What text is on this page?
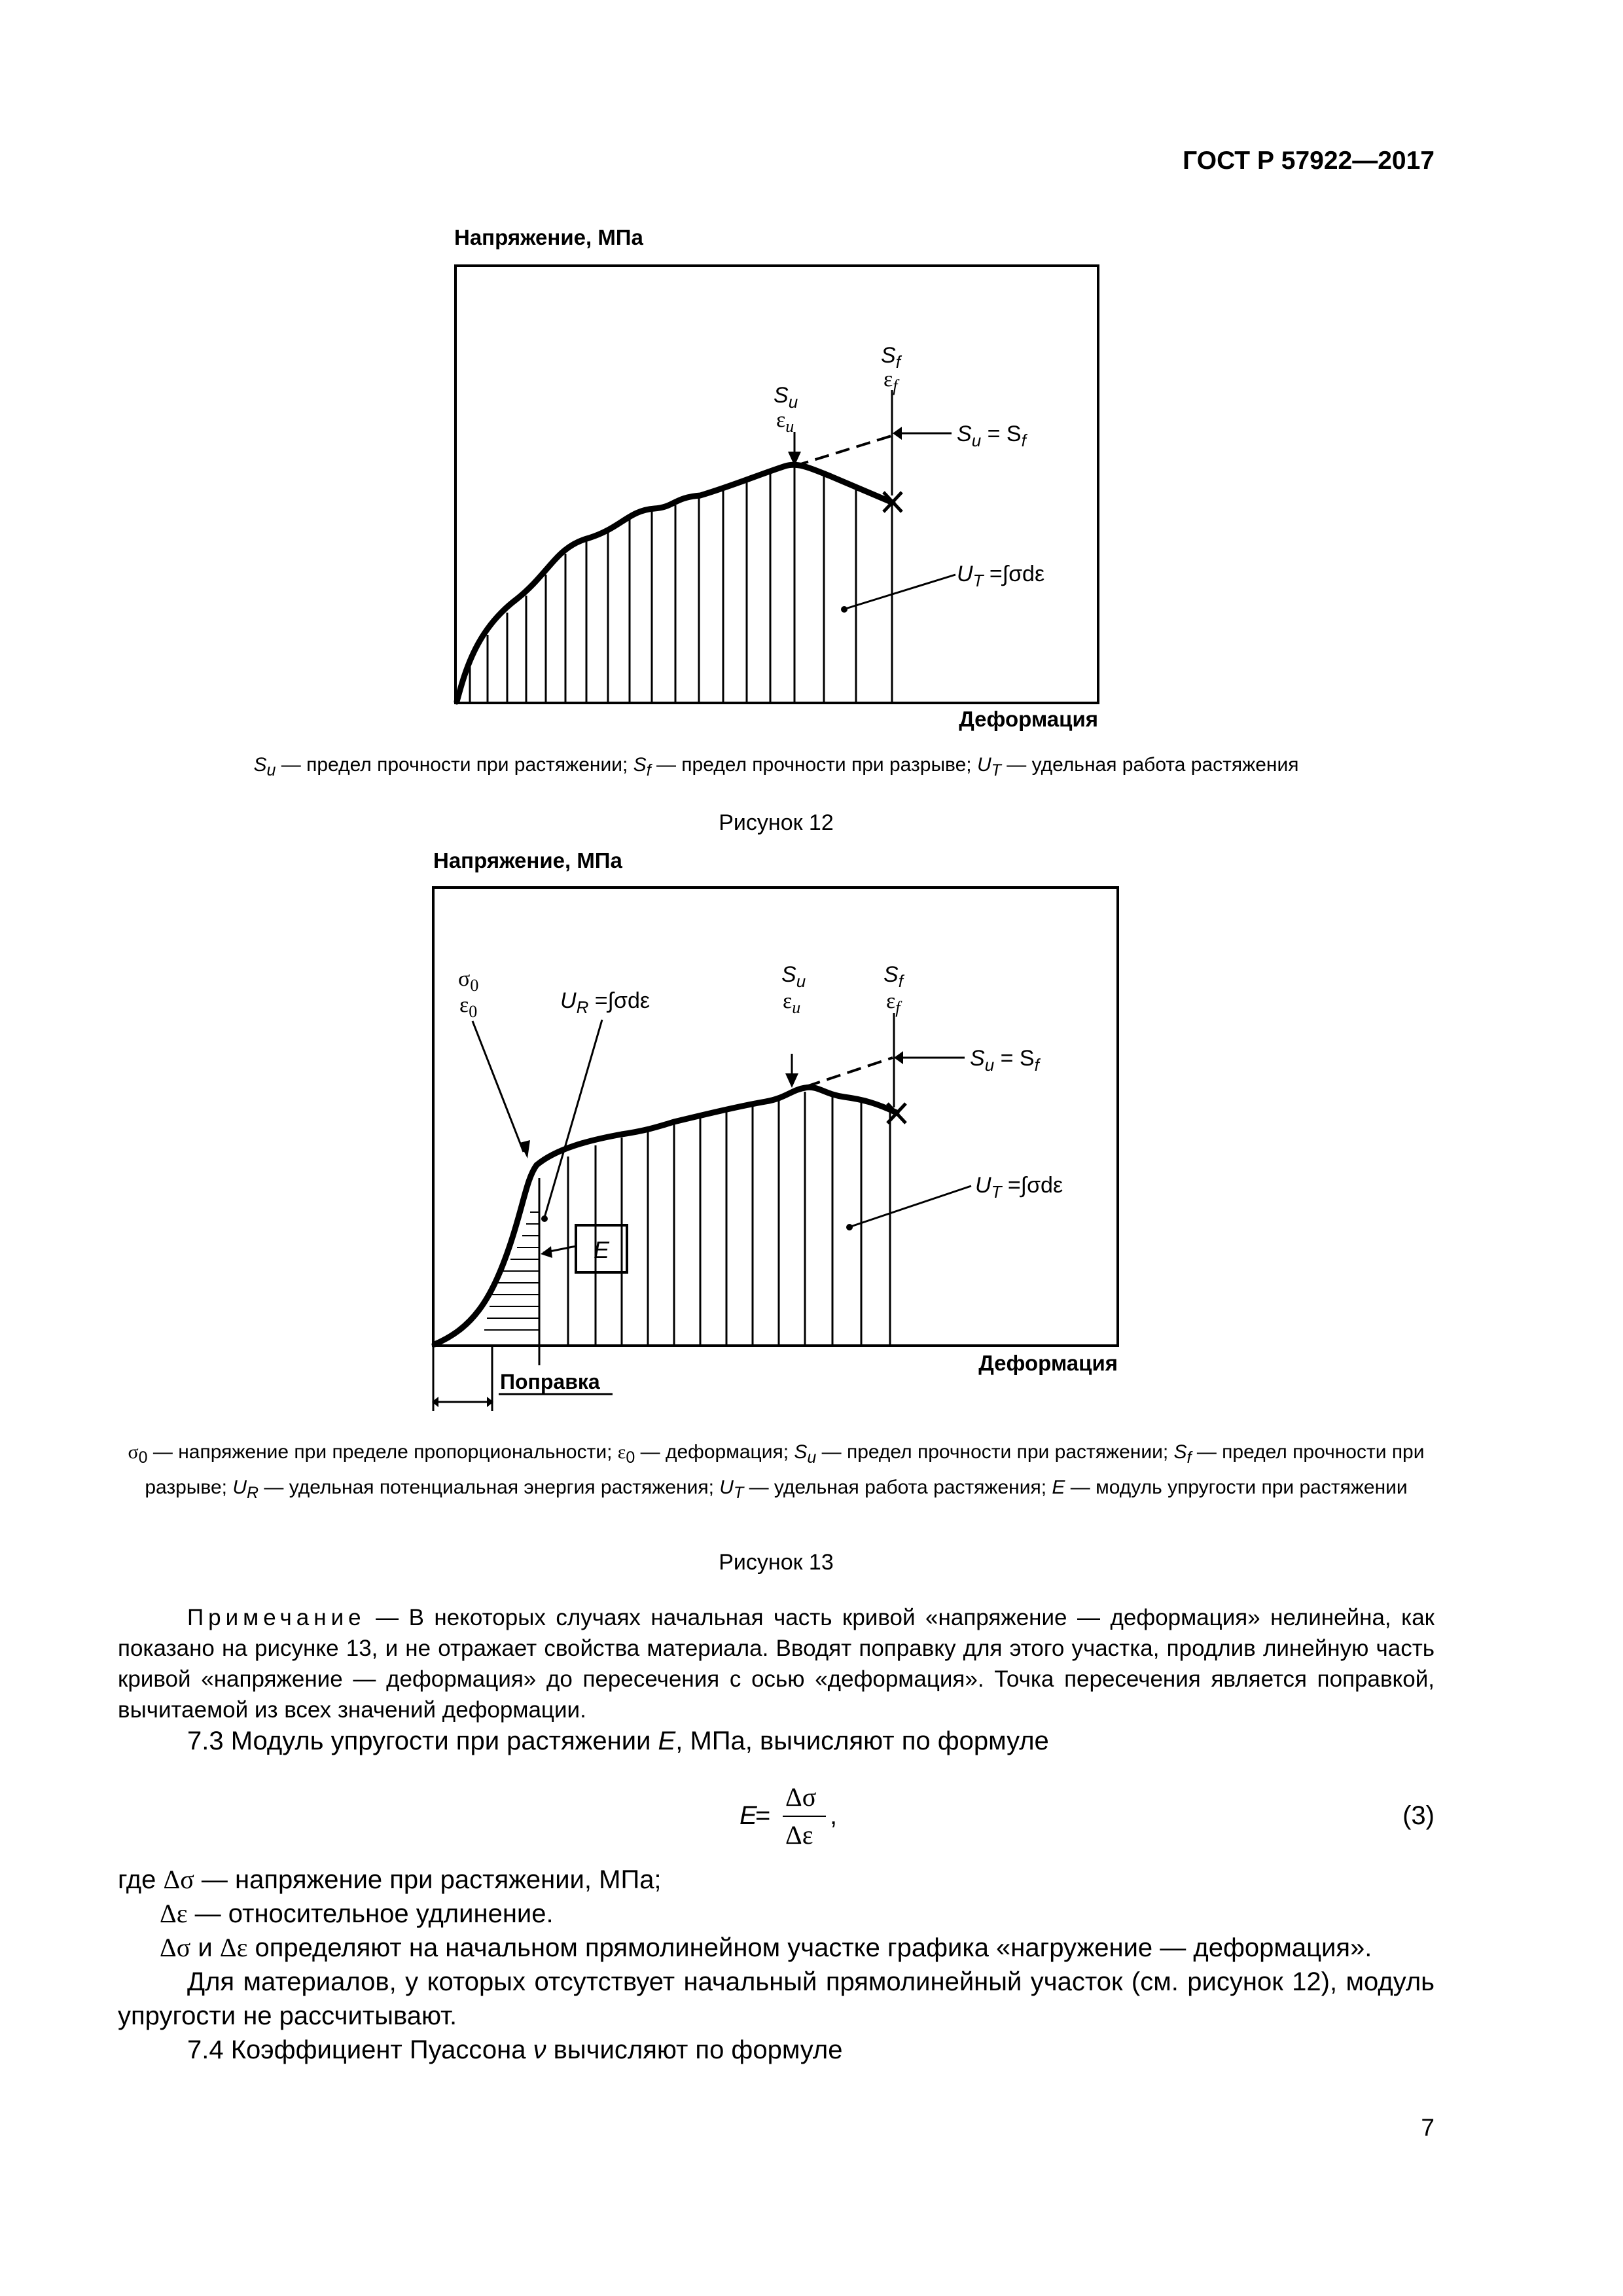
ГОСТ Р 57922—2017
Напряжение, МПа
$S_u$
$\varepsilon_u$
$S_f$
$\varepsilon_f$
$S_u = S_f$
$U_T =\int\sigma d\varepsilon$
Деформация
$\sigma_0$
$\varepsilon_0$	$U_R =\int\sigma d\varepsilon$
$S_u$
$\varepsilon_u$
$S_f$
$\varepsilon_f$
$S_u = S_f$
$U_T =\int\sigma d\varepsilon$
E
Поправка
Деформация
$S_u$ — предел прочности при растяжении; $S_f$ — предел прочности при разрыве; $U_T$ — удельная работа растяжения
Рисунок 12
Напряжение, МПа
$\sigma_0$ — напряжение при пределе пропорциональности; $\varepsilon_0$ — деформация; $S_u$ — предел прочности при растяжении; $S_f$ — предел прочности при разрыве; $U_R$ — удельная потенциальная энергия растяжения; $U_T$ — удельная работа растяжения; E — модуль упругости при растяжении
Рисунок 13
Примечание — В некоторых случаях начальная часть кривой «напряжение — деформация» нелинейна, как показано на рисунке 13, и не отражает свойства материала. Вводят поправку для этого участка, продлив линейную часть кривой «напряжение — деформация» до пересечения с осью «деформация». Точка пересечения является поправкой, вычитаемой из всех значений деформации.
7.3 Модуль упругости при растяжении E, МПа, вычисляют по формуле
E
=
Δσ
Δε
,	(3)
где Δσ — напряжение при растяжении, МПа;
Δε — относительное удлинение.
Δσ и Δε определяют на начальном прямолинейном участке графика «нагружение — деформация».
Для материалов, у которых отсутствует начальный прямолинейный участок (см. рисунок 12), модуль упругости не рассчитывают.
7.4 Коэффициент Пуассона ν вычисляют по формуле
7
